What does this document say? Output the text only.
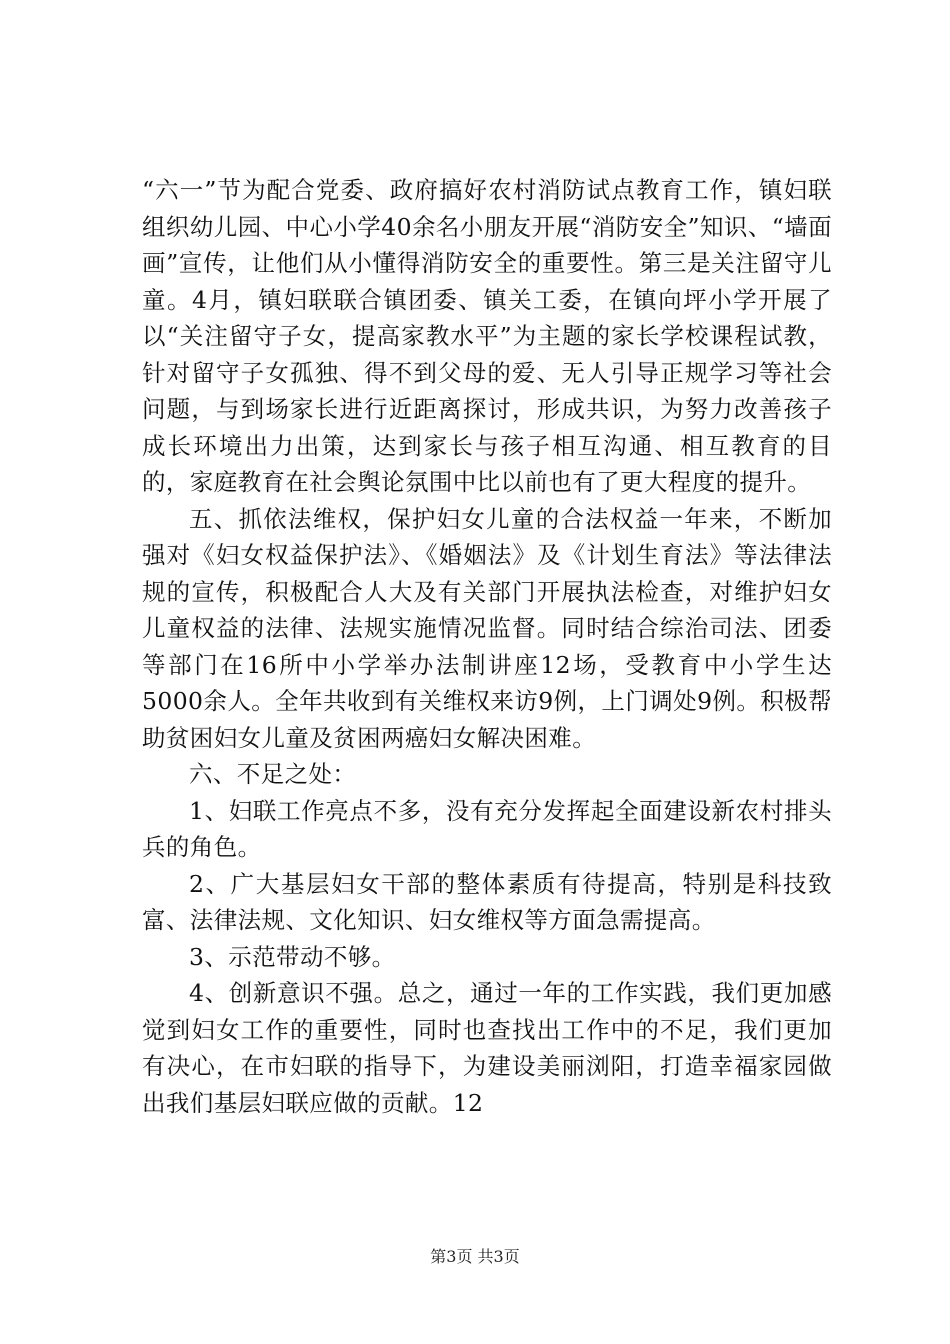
“六一”节为配合党委、政府搞好农村消防试点教育工作，镇妇联组织幼儿园、中心小学40余名小朋友开展“消防安全”知识、“墙面画”宣传，让他们从小懂得消防安全的重要性。第三是关注留守儿童。4月，镇妇联联合镇团委、镇关工委，在镇向坪小学开展了以“关注留守子女，提高家教水平”为主题的家长学校课程试教，针对留守子女孤独、得不到父母的爱、无人引导正规学习等社会问题，与到场家长进行近距离探讨，形成共识，为努力改善孩子成长环境出力出策，达到家长与孩子相互沟通、相互教育的目的，家庭教育在社会舆论氛围中比以前也有了更大程度的提升。

五、抓依法维权，保护妇女儿童的合法权益一年来，不断加强对《妇女权益保护法》、《婚姻法》及《计划生育法》等法律法规的宣传，积极配合人大及有关部门开展执法检查，对维护妇女儿童权益的法律、法规实施情况监督。同时结合综治司法、团委等部门在16所中小学举办法制讲座12场，受教育中小学生达5000余人。全年共收到有关维权来访9例，上门调处9例。积极帮助贫困妇女儿童及贫困两癌妇女解决困难。

六、不足之处：

1、妇联工作亮点不多，没有充分发挥起全面建设新农村排头兵的角色。

2、广大基层妇女干部的整体素质有待提高，特别是科技致富、法律法规、文化知识、妇女维权等方面急需提高。

3、示范带动不够。

4、创新意识不强。总之，通过一年的工作实践，我们更加感觉到妇女工作的重要性，同时也查找出工作中的不足，我们更加有决心，在市妇联的指导下，为建设美丽浏阳，打造幸福家园做出我们基层妇联应做的贡献。12

第3页 共3页
